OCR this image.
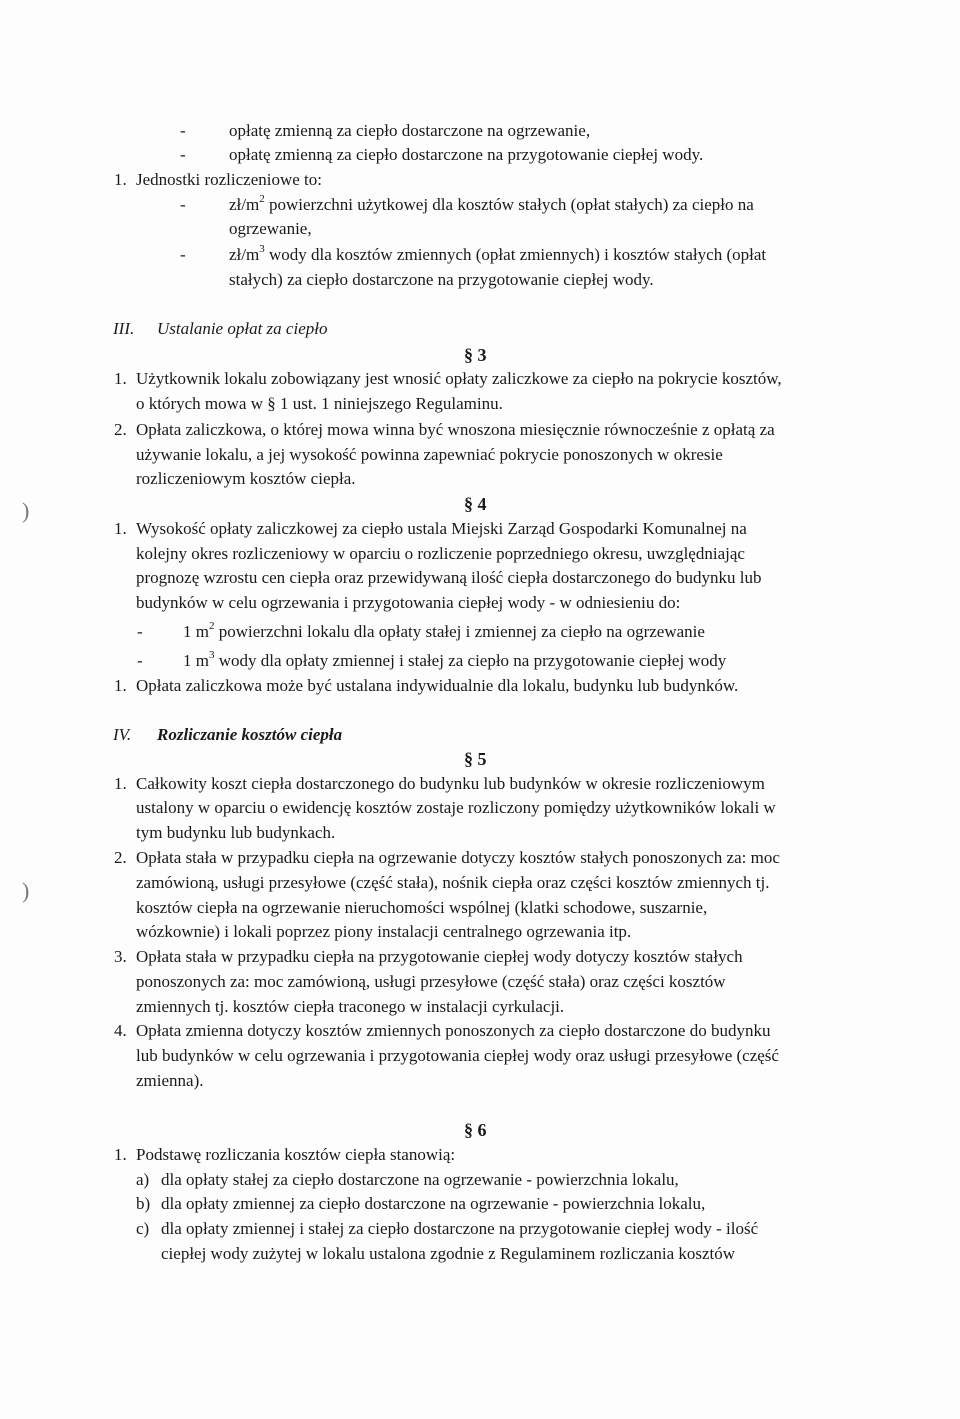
-	opłatę zmienną za ciepło dostarczone na ogrzewanie,
-	opłatę zmienną za ciepło dostarczone na przygotowanie ciepłej wody.
1. Jednostki rozliczeniowe to:
-	$zł/m^2$ powierzchni użytkowej dla kosztów stałych (opłat stałych) za ciepło na
ogrzewanie,
-	$zł/m^3$ wody dla kosztów zmiennych (opłat zmiennych) i kosztów stałych (opłat
stałych) za ciepło dostarczone na przygotowanie ciepłej wody.
III. Ustalanie opłat za ciepło
§ 3
1. Użytkownik lokalu zobowiązany jest wnosić opłaty zaliczkowe za ciepło na pokrycie kosztów,
o których mowa w § 1 ust. 1 niniejszego Regulaminu.
2. Opłata zaliczkowa, o której mowa winna być wnoszona miesięcznie równocześnie z opłatą za
używanie lokalu, a jej wysokość powinna zapewniać pokrycie ponoszonych w okresie
rozliczeniowym kosztów ciepła.
§ 4
1. Wysokość opłaty zaliczkowej za ciepło ustala Miejski Zarząd Gospodarki Komunalnej na
kolejny okres rozliczeniowy w oparciu o rozliczenie poprzedniego okresu, uwzględniając
prognozę wzrostu cen ciepła oraz przewidywaną ilość ciepła dostarczonego do budynku lub
budynków w celu ogrzewania i przygotowania ciepłej wody - w odniesieniu do:
- 1 $m^2$ powierzchni lokalu dla opłaty stałej i zmiennej za ciepło na ogrzewanie
- 1 $m^3$ wody dla opłaty zmiennej i stałej za ciepło na przygotowanie ciepłej wody
1. Opłata zaliczkowa może być ustalana indywidualnie dla lokalu, budynku lub budynków.
IV. Rozliczanie kosztów ciepła
§ 5
1. Całkowity koszt ciepła dostarczonego do budynku lub budynków w okresie rozliczeniowym
ustalony w oparciu o ewidencję kosztów zostaje rozliczony pomiędzy użytkowników lokali w
tym budynku lub budynkach.
2. Opłata stała w przypadku ciepła na ogrzewanie dotyczy kosztów stałych ponoszonych za: moc
zamówioną, usługi przesyłowe (część stała), nośnik ciepła oraz części kosztów zmiennych tj.
kosztów ciepła na ogrzewanie nieruchomości wspólnej (klatki schodowe, suszarnie,
wózkownie) i lokali poprzez piony instalacji centralnego ogrzewania itp.
3. Opłata stała w przypadku ciepła na przygotowanie ciepłej wody dotyczy kosztów stałych
ponoszonych za: moc zamówioną, usługi przesyłowe (część stała) oraz części kosztów
zmiennych tj. kosztów ciepła traconego w instalacji cyrkulacji.
4. Opłata zmienna dotyczy kosztów zmiennych ponoszonych za ciepło dostarczone do budynku
lub budynków w celu ogrzewania i przygotowania ciepłej wody oraz usługi przesyłowe (część
zmienna).
§ 6
1. Podstawę rozliczania kosztów ciepła stanowią:
a) dla opłaty stałej za ciepło dostarczone na ogrzewanie - powierzchnia lokalu,
b) dla opłaty zmiennej za ciepło dostarczone na ogrzewanie - powierzchnia lokalu,
c) dla opłaty zmiennej i stałej za ciepło dostarczone na przygotowanie ciepłej wody - ilość
ciepłej wody zużytej w lokalu ustalona zgodnie z Regulaminem rozliczania kosztów
)
)
